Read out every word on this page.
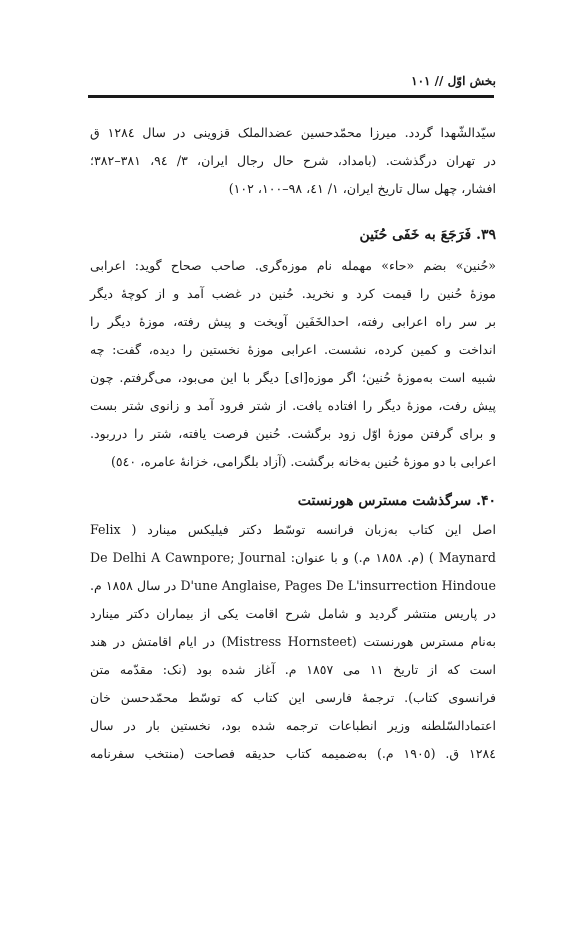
بخش اوّل // ۱۰۱
سیّدالشّهدا گردد. میرزا محمّدحسین عضدالملک قزوینی در سال ۱۲۸٤ ق
در تهران درگذشت. (بامداد، شرح حال رجال ایران، ۳/ ۹٤، ۳۸۱–۳۸۲؛
افشار، چهل سال تاریخ ایران، ۱/ ٤۱، ۹۸–۱۰۰، ۱۰۲)
۳۹. فَرَجَعَ به خَفَی حُنَین
«حُنین» بضم «حاء» مهمله نام موزه‌گری. صاحب صحاح گوید: اعرابی
موزهٔ حُنین را قیمت کرد و نخرید. حُنین در غضب آمد و از کوچهٔ دیگر
بر سر راه اعرابی رفته، احدالخَفَین آویخت و پیش رفته، موزهٔ دیگر را
انداخت و کمین کرده، نشست. اعرابی موزهٔ نخستین را دیده، گفت: چه
شبیه است به‌موزهٔ حُنین؛ اگر موزه[ای] دیگر با این می‌بود، می‌گرفتم. چون
پیش رفت، موزهٔ دیگر را افتاده یافت. از شتر فرود آمد و زانوی شتر بست
و برای گرفتن موزهٔ اوّل زود برگشت. حُنین فرصت یافته، شتر را درربود.
اعرابی با دو موزهٔ حُنین به‌خانه برگشت. (آزاد بلگرامی، خزانهٔ عامره، ٥٤۰)
۴۰. سرگذشت مسترس هورنستت
اصل این کتاب به‌زبان فرانسه توسّط دکتر فیلیکس مینارد ( Felix
Maynard ) (م. ۱۸٥۸ م.) و با عنوان: De Delhi A Cawnpore; Journal
D'une Anglaise, Pages De L'insurrection Hindoue در سال ۱۸٥۸ م.
در پاریس منتشر گردید و شامل شرح اقامت یکی از بیماران دکتر مینارد
به‌نام مسترس هورنستت (Mistress Hornsteet) در ایام اقامتش در هند
است که از تاریخ ۱۱ می ۱۸٥۷ م. آغاز شده بود (نک: مقدّمه متن
فرانسوی کتاب). ترجمهٔ فارسی این کتاب که توسّط محمّدحسن خان
اعتمادالسّلطنه وزیر انطباعات ترجمه شده بود، نخستین بار در سال
۱۲۸٤ ق. (۱۹۰٥ م.) به‌ضمیمه کتاب حدیقه فصاحت (منتخب سفرنامه
